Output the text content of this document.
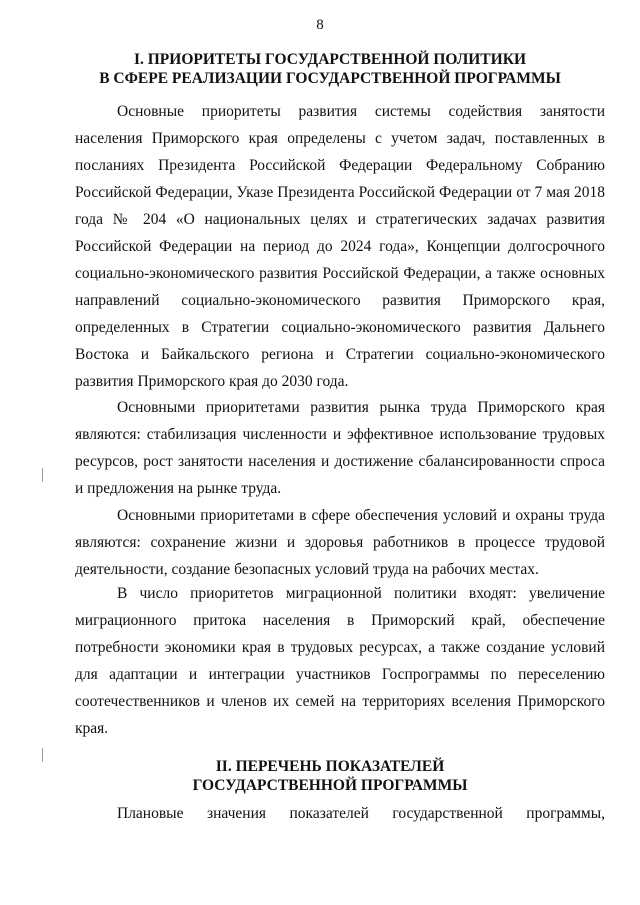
8
I. ПРИОРИТЕТЫ ГОСУДАРСТВЕННОЙ ПОЛИТИКИ
В СФЕРЕ РЕАЛИЗАЦИИ ГОСУДАРСТВЕННОЙ ПРОГРАММЫ

Основные приоритеты развития системы содействия занятости населения Приморского края определены с учетом задач, поставленных в посланиях Президента Российской Федерации Федеральному Собранию Российской Федерации, Указе Президента Российской Федерации от 7 мая 2018 года № 204 «О национальных целях и стратегических задачах развития Российской Федерации на период до 2024 года», Концепции долгосрочного социально-экономического развития Российской Федерации, а также основных направлений социально-экономического развития Приморского края, определенных в Стратегии социально-экономического развития Дальнего Востока и Байкальского региона и Стратегии социально-экономического развития Приморского края до 2030 года.

Основными приоритетами развития рынка труда Приморского края являются: стабилизация численности и эффективное использование трудовых ресурсов, рост занятости населения и достижение сбалансированности спроса и предложения на рынке труда.

Основными приоритетами в сфере обеспечения условий и охраны труда являются: сохранение жизни и здоровья работников в процессе трудовой деятельности, создание безопасных условий труда на рабочих местах.

В число приоритетов миграционной политики входят: увеличение миграционного притока населения в Приморский край, обеспечение потребности экономики края в трудовых ресурсах, а также создание условий для адаптации и интеграции участников Госпрограммы по переселению соотечественников и членов их семей на территориях вселения Приморского края.

II. ПЕРЕЧЕНЬ ПОКАЗАТЕЛЕЙ
ГОСУДАРСТВЕННОЙ ПРОГРАММЫ

Плановые значения показателей государственной программы,
